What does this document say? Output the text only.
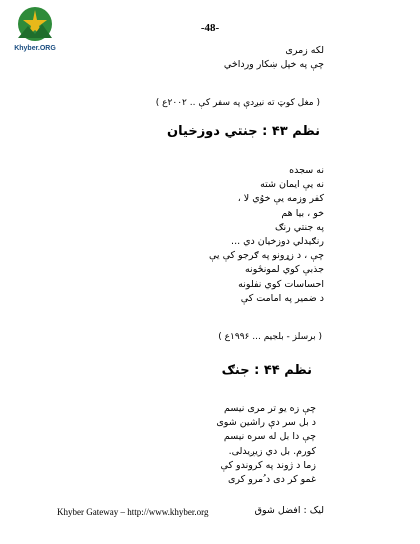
Khyber.ORG
-48-
لکه زمرى
چې په خپل ښکار ورداڅي
( مغل کوټ ته نيږدې په سفر کې .. ۲۰۰۲ع )
نظم ۴۳ : جنتي دوزخيان
نه سجده
نه يې ايمان شته
کفر وزمه يې خوُي لا ،
خو ، بيا هم
په جنتي رنګ
رنګيدلي دوزخيان دي ...
چې ، د زړونو په ګرجو کې يې
جذبې کوي لمونځونه
احساسات کوي نفلونه
د ضمير په امامت کې
( برسلز - بلجيم ... ۱۹۹۶ع )
نظم ۴۴ : جنګ
چې زه يو تر مرى نيسم
د بل سر دې راشين شوى
چې دا بل له سره نيسم
کورم. بل دي زيږيدلى.
زما د ژوند په کروندو کې
غمو کر دى د ُمرو کرى
Khyber Gateway – http://www.khyber.org	ليک : افضل شوق
